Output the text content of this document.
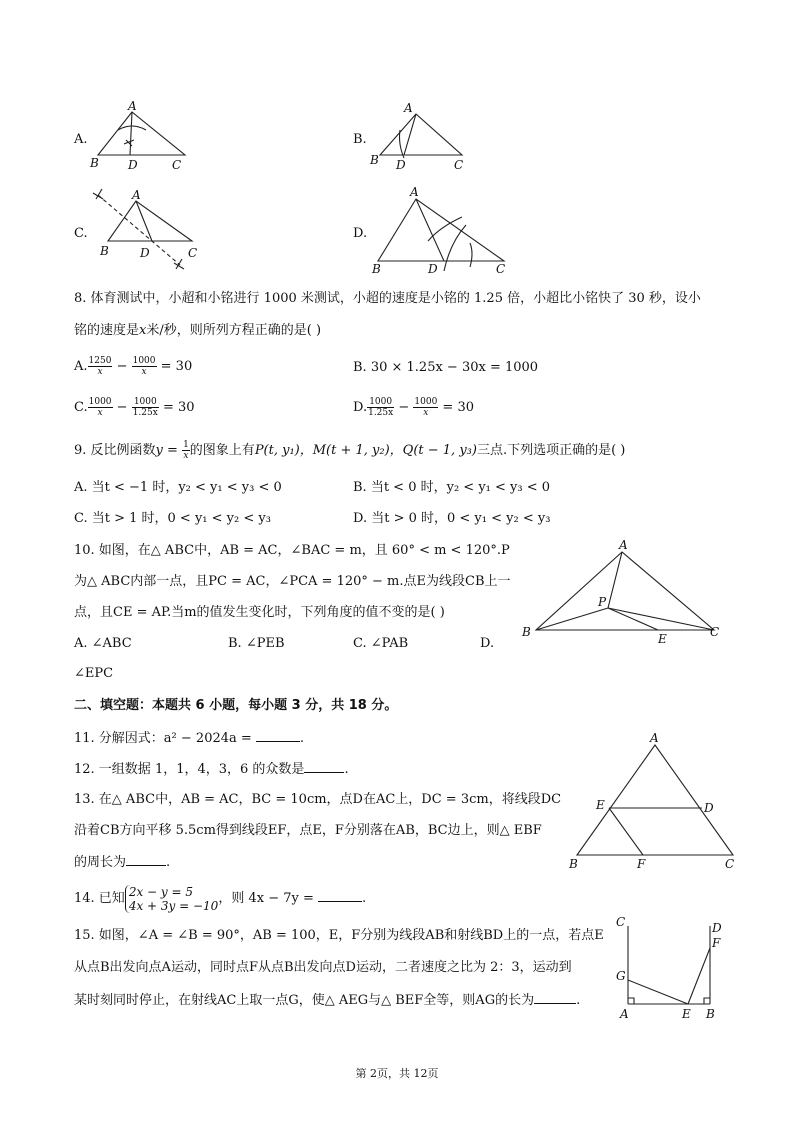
A.
A
B D	C
B.
A
B D	C
C.
A
B	D	C
D.
A
B	D	C
8. 体育测试中，小超和小铭进行 1000 米测试，小超的速度是小铭的 1.25 倍，小超比小铭快了 30 秒，设小
铭的速度是x米/秒，则所列方程正确的是( )
A. $\frac{1250}{x} - \frac{1000}{x} = 30$	B. 30 × 1.25x − 30x = 1000
C. $\frac{1000}{x} - \frac{1000}{1.25x} = 30$	D. $\frac{1000}{1.25x} - \frac{1000}{x} = 30$
9. 反比例函数$y = \frac{1}{x}$ 的图象上有P(t, y₁)，M(t + 1, y₂)，Q(t − 1, y₃)三点.下列选项正确的是( )
A. 当t < −1 时，y₂ < y₁ < y₃ < 0	B. 当t < 0 时，y₂ < y₁ < y₃ < 0
C. 当t > 1 时，0 < y₁ < y₂ < y₃	D. 当t > 0 时，0 < y₁ < y₂ < y₃
10. 如图，在△ ABC中，AB = AC，∠BAC = m，且 60° < m < 120°.P
为△ ABC内部一点，且PC = AC，∠PCA = 120° − m.点E为线段CB上一
点，且CE = AP.当m的值发生变化时，下列角度的值不变的是( )
A. ∠ABC	B. ∠PEB	C. ∠PAB	D.
∠EPC
A
P
B	E	C
二、填空题：本题共 6 小题，每小题 3 分，共 18 分。
11. 分解因式：a² − 2024a =	.
12. 一组数据 1，1，4，3，6 的众数是	.
13. 在△ ABC中，AB = AC，BC = 10cm，点D在AC上，DC = 3cm，将线段DC
沿着CB方向平移 5.5cm得到线段EF，点E，F分别落在AB，BC边上，则△ EBF
的周长为	.
A
E	D
B	F	C
14. 已知 2x − y = 5
4x + 3y = −10 ，则 4x − 7y =	.
15. 如图，∠A = ∠B = 90°，AB = 100，E，F分别为线段AB和射线BD上的一点，若点E
从点B出发向点A运动，同时点F从点B出发向点D运动，二者速度之比为 2：3，运动到
某时刻同时停止，在射线AC上取一点G，使△ AEG与△ BEF全等，则AG的长为	.
C	D
F
G
A	E B
第 2页，共 12页
